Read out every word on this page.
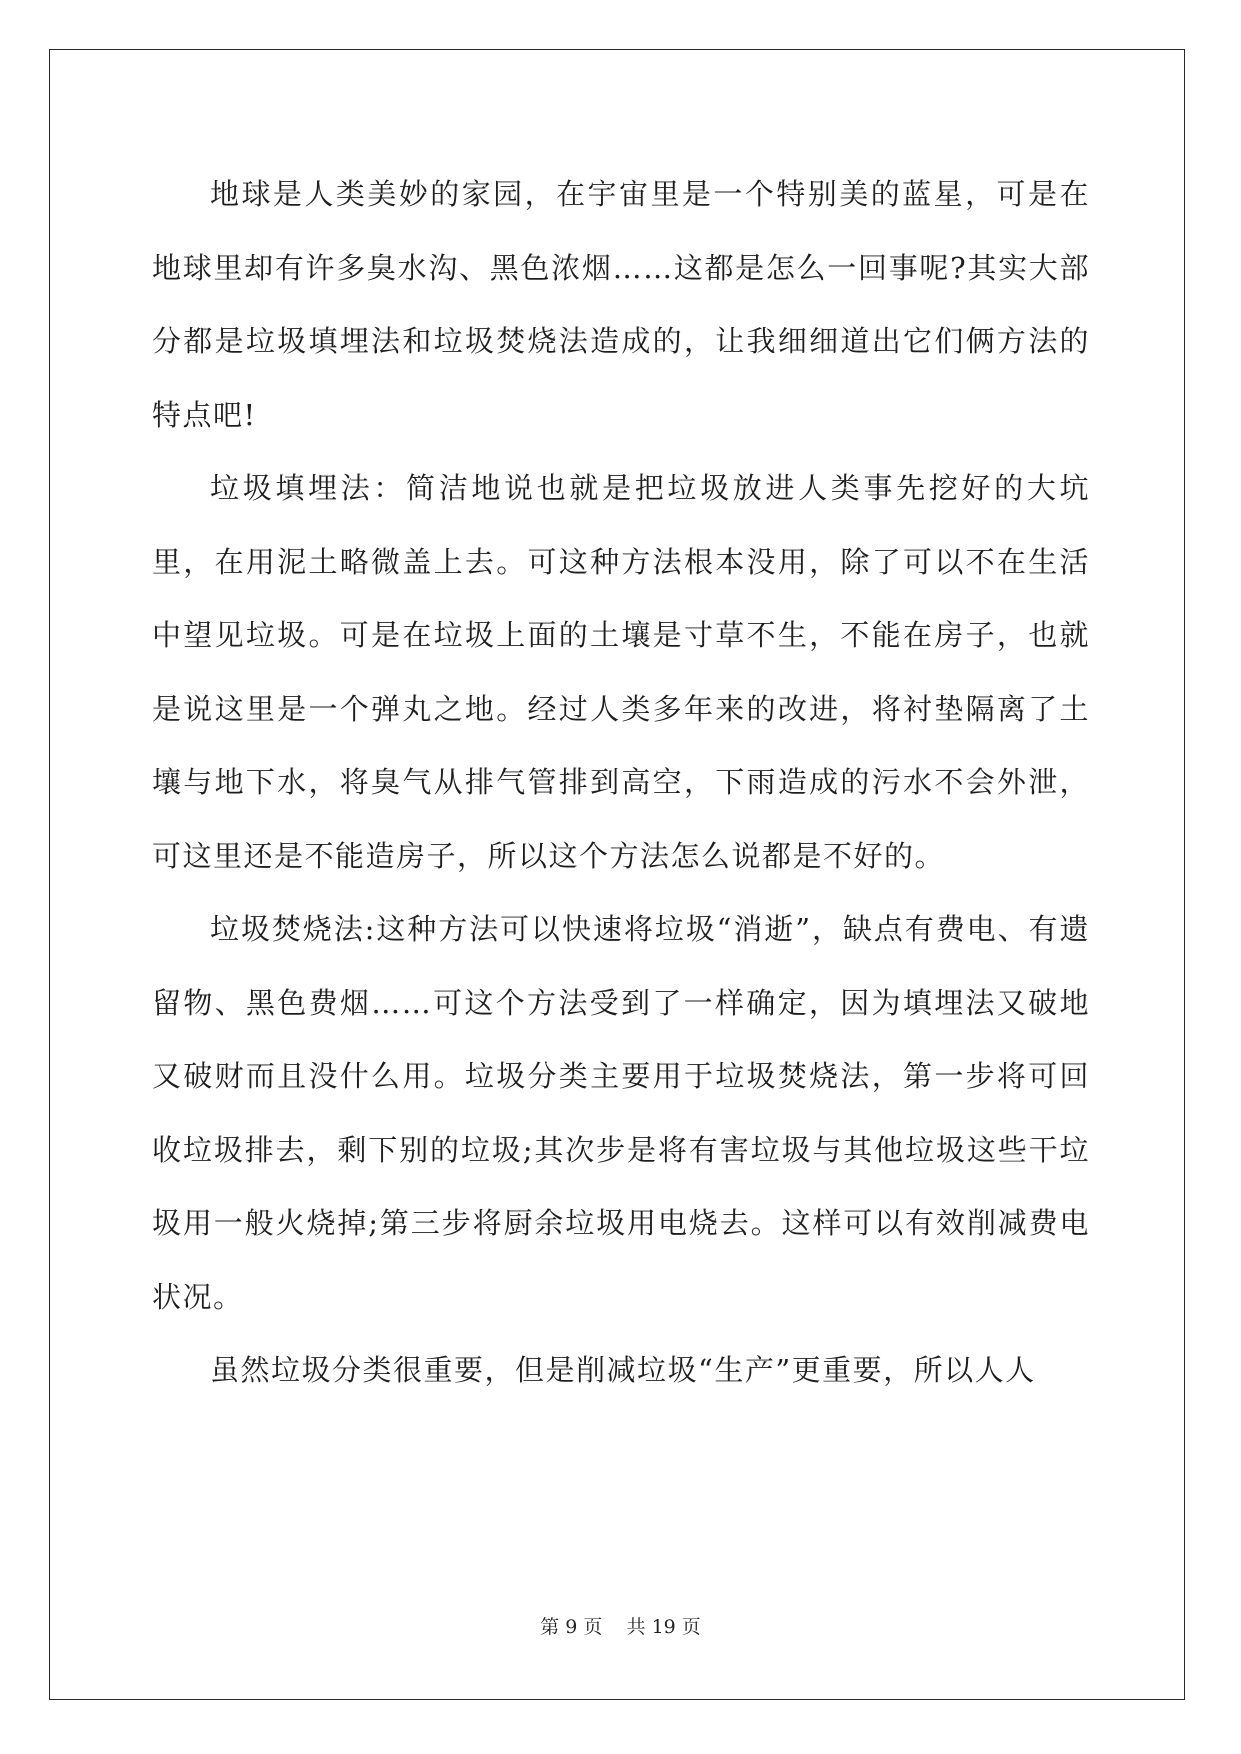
地球是人类美妙的家园，在宇宙里是一个特别美的蓝星，可是在地球里却有许多臭水沟、黑色浓烟……这都是怎么一回事呢?其实大部分都是垃圾填埋法和垃圾焚烧法造成的，让我细细道出它们俩方法的特点吧!

垃圾填埋法：简洁地说也就是把垃圾放进人类事先挖好的大坑里，在用泥土略微盖上去。可这种方法根本没用，除了可以不在生活中望见垃圾。可是在垃圾上面的土壤是寸草不生，不能在房子，也就是说这里是一个弹丸之地。经过人类多年来的改进，将衬垫隔离了土壤与地下水，将臭气从排气管排到高空，下雨造成的污水不会外泄，可这里还是不能造房子，所以这个方法怎么说都是不好的。

垃圾焚烧法:这种方法可以快速将垃圾“消逝”，缺点有费电、有遗留物、黑色费烟……可这个方法受到了一样确定，因为填埋法又破地又破财而且没什么用。垃圾分类主要用于垃圾焚烧法，第一步将可回收垃圾排去，剩下别的垃圾;其次步是将有害垃圾与其他垃圾这些干垃圾用一般火烧掉;第三步将厨余垃圾用电烧去。这样可以有效削减费电状况。

虽然垃圾分类很重要，但是削减垃圾“生产”更重要，所以人人

第 9 页    共 19 页
